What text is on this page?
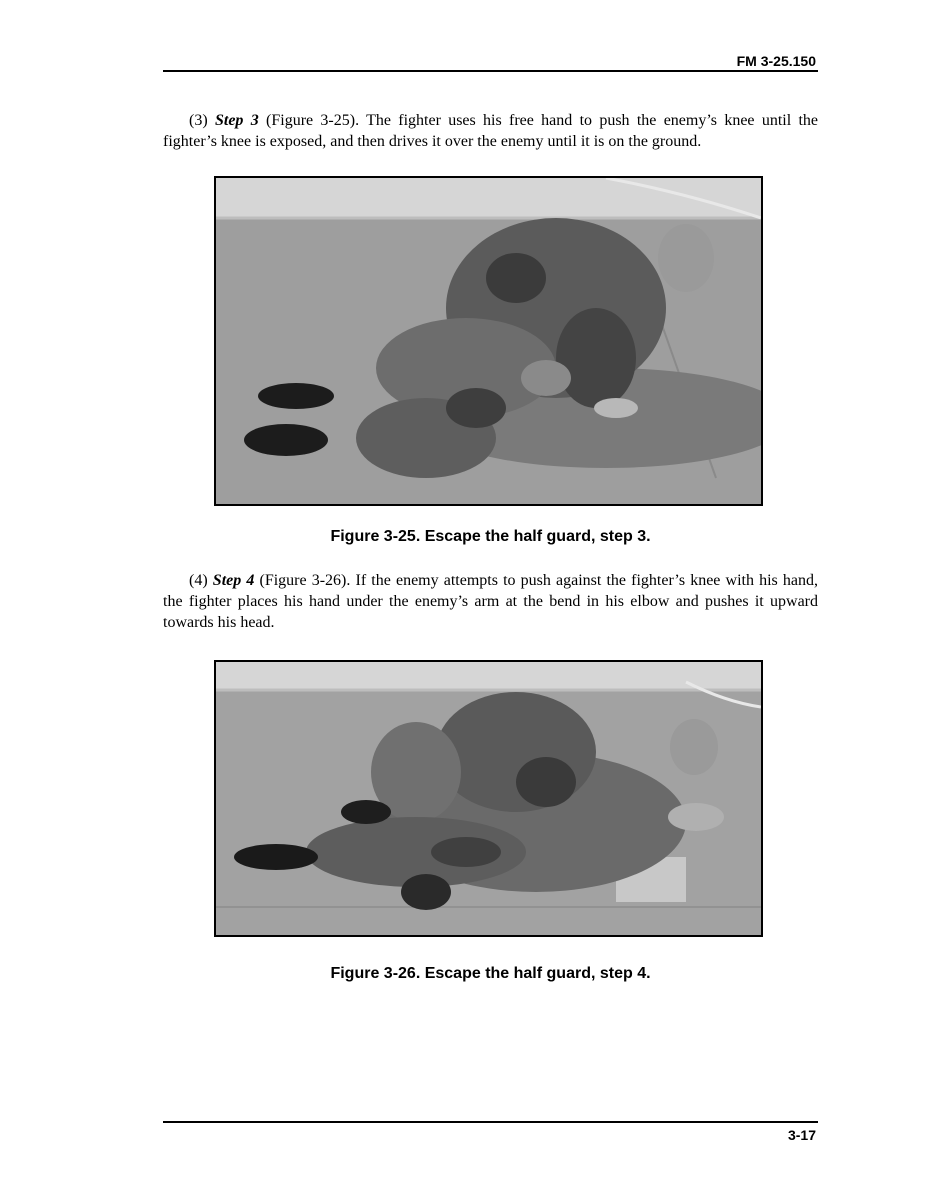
FM 3-25.150

(3) Step 3 (Figure 3-25). The fighter uses his free hand to push the enemy’s knee until the fighter’s knee is exposed, and then drives it over the enemy until it is on the ground.

Figure 3-25. Escape the half guard, step 3.

(4) Step 4 (Figure 3-26). If the enemy attempts to push against the fighter’s knee with his hand, the fighter places his hand under the enemy’s arm at the bend in his elbow and pushes it upward towards his head.

Figure 3-26. Escape the half guard, step 4.
3-17
